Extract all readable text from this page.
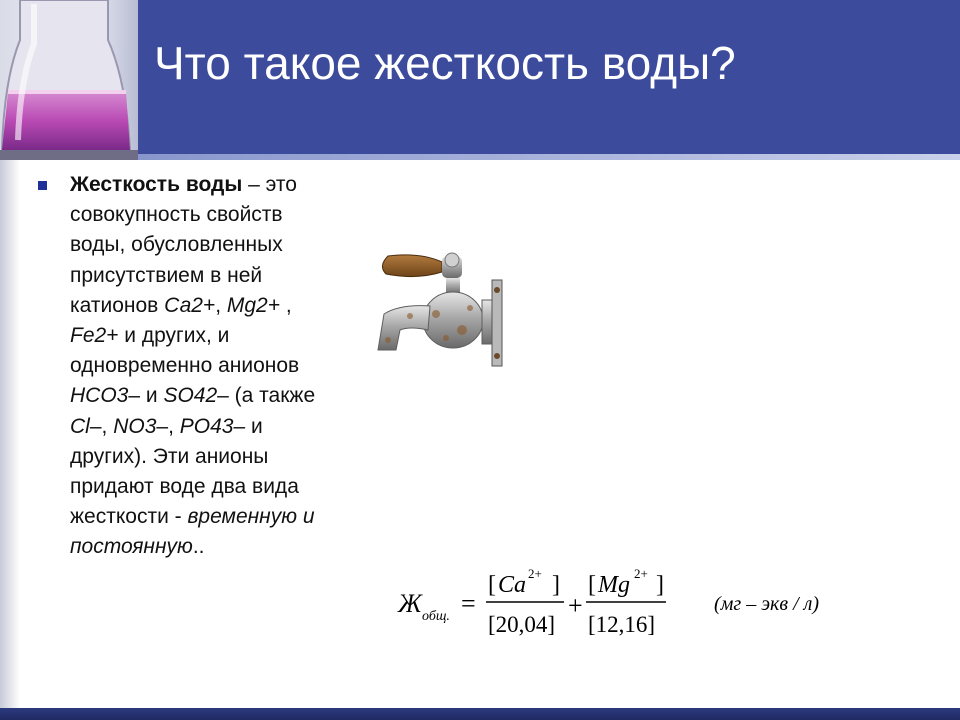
Что такое жесткость воды?
Жесткость воды – это совокупность свойств воды, обусловленных присутствием в ней катионов Са2+, Mg2+ , Fe2+ и других, и одновременно анионов HCO3– и SO42– (а также Cl–, NO3–, PO43– и других). Эти анионы придают воде два вида жесткости - временную и постоянную..
Ж общ. =
[ Ca 2+ ]
[20,04]
+
[ Mg 2+ ]
[12,16]
(мг – экв / л)
